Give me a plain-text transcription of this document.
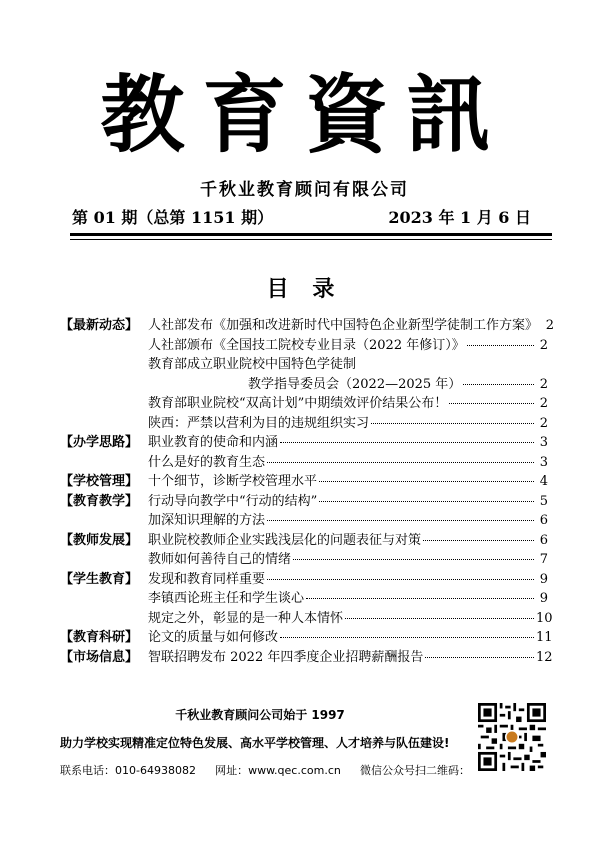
教育資訊
千秋业教育顾问有限公司
第 01 期（总第 1151 期）	2023 年 1 月 6 日
目 录
【最新动态】 人社部发布《加强和改进新时代中国特色企业新型学徒制工作方案》 2
人社部颁布《全国技工院校专业目录（2022 年修订）》	2
教育部成立职业院校中国特色学徒制
教学指导委员会（2022—2025 年）	2
教育部职业院校“双高计划”中期绩效评价结果公布！	2
陕西：严禁以营利为目的违规组织实习	2
【办学思路】 职业教育的使命和内涵	3
什么是好的教育生态	3
【学校管理】 十个细节，诊断学校管理水平	4
【教育教学】 行动导向教学中“行动的结构”	5
加深知识理解的方法	6
【教师发展】 职业院校教师企业实践浅层化的问题表征与对策	6
教师如何善待自己的情绪	7
【学生教育】 发现和教育同样重要	9
李镇西论班主任和学生谈心	9
规定之外，彰显的是一种人本情怀	10
【教育科研】 论文的质量与如何修改	11
【市场信息】 智联招聘发布 2022 年四季度企业招聘薪酬报告	12
千秋业教育顾问公司始于 1997
助力学校实现精准定位特色发展、高水平学校管理、人才培养与队伍建设!
联系电话：010-64938082 网址：www.qec.com.cn 微信公众号扫二维码：
